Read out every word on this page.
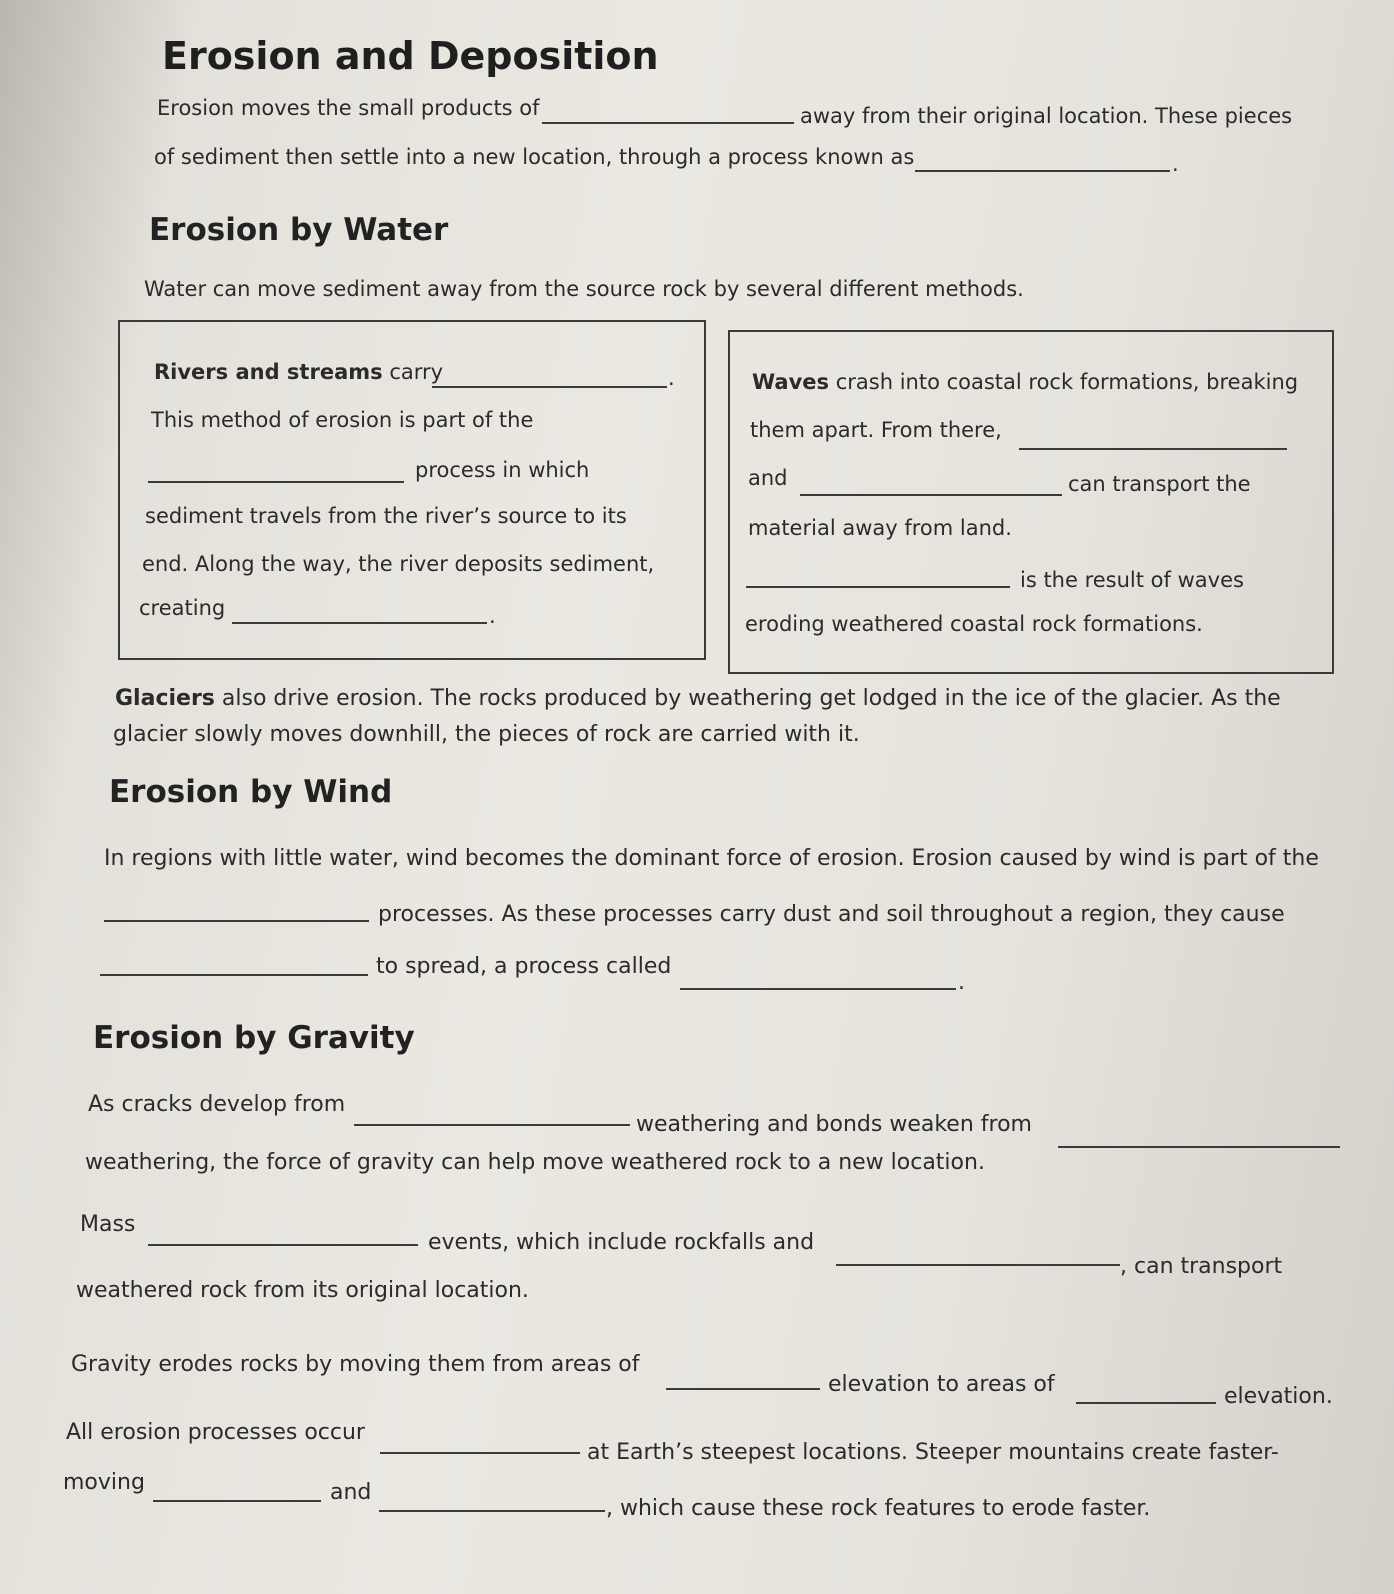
Erosion and Deposition
Erosion moves the small products of	away from their original location. These pieces
of sediment then settle into a new location, through a process known as	.
Erosion by Water
Water can move sediment away from the source rock by several different methods.
Rivers and streams carry	.
This method of erosion is part of the
process in which
sediment travels from the river’s source to its
end. Along the way, the river deposits sediment,
creating	.
Waves crash into coastal rock formations, breaking
them apart. From there,
and	can transport the
material away from land.
is the result of waves
eroding weathered coastal rock formations.
Glaciers also drive erosion. The rocks produced by weathering get lodged in the ice of the glacier. As the
glacier slowly moves downhill, the pieces of rock are carried with it.
Erosion by Wind
In regions with little water, wind becomes the dominant force of erosion. Erosion caused by wind is part of the
processes. As these processes carry dust and soil throughout a region, they cause
to spread, a process called
.
Erosion by Gravity
As cracks develop from
weathering and bonds weaken from
weathering, the force of gravity can help move weathered rock to a new location.
Mass
events, which include rockfalls and
, can transport
weathered rock from its original location.
Gravity erodes rocks by moving them from areas of
elevation to areas of	elevation.
All erosion processes occur
at Earth’s steepest locations. Steeper mountains create faster-
moving	and
, which cause these rock features to erode faster.
